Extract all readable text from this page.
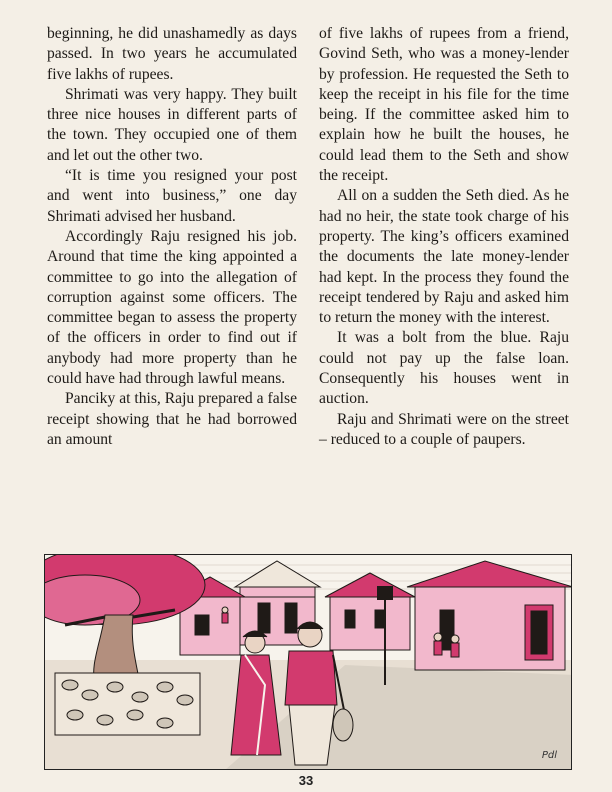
beginning, he did unashamedly as days passed. In two years he accumulated five lakhs of rupees.

Shrimati was very happy. They built three nice houses in different parts of the town. They occupied one of them and let out the other two.

“It is time you resigned your post and went into business,” one day Shrimati advised her husband.

Accordingly Raju resigned his job. Around that time the king appointed a committee to go into the allegation of corruption against some officers. The committee began to assess the property of the officers in order to find out if anybody had more property than he could have had through lawful means.

Panciky at this, Raju prepared a false receipt showing that he had borrowed an amount

of five lakhs of rupees from a friend, Govind Seth, who was a money-lender by profession. He requested the Seth to keep the receipt in his file for the time being. If the committee asked him to explain how he built the houses, he could lead them to the Seth and show the receipt.

All on a sudden the Seth died. As he had no heir, the state took charge of his property. The king’s officers examined the documents the late money-lender had kept. In the process they found the receipt tendered by Raju and asked him to return the money with the interest.

It was a bolt from the blue. Raju could not pay up the false loan. Consequently his houses went in auction.

Raju and Shrimati were on the street – reduced to a couple of paupers.

Pdl
33
